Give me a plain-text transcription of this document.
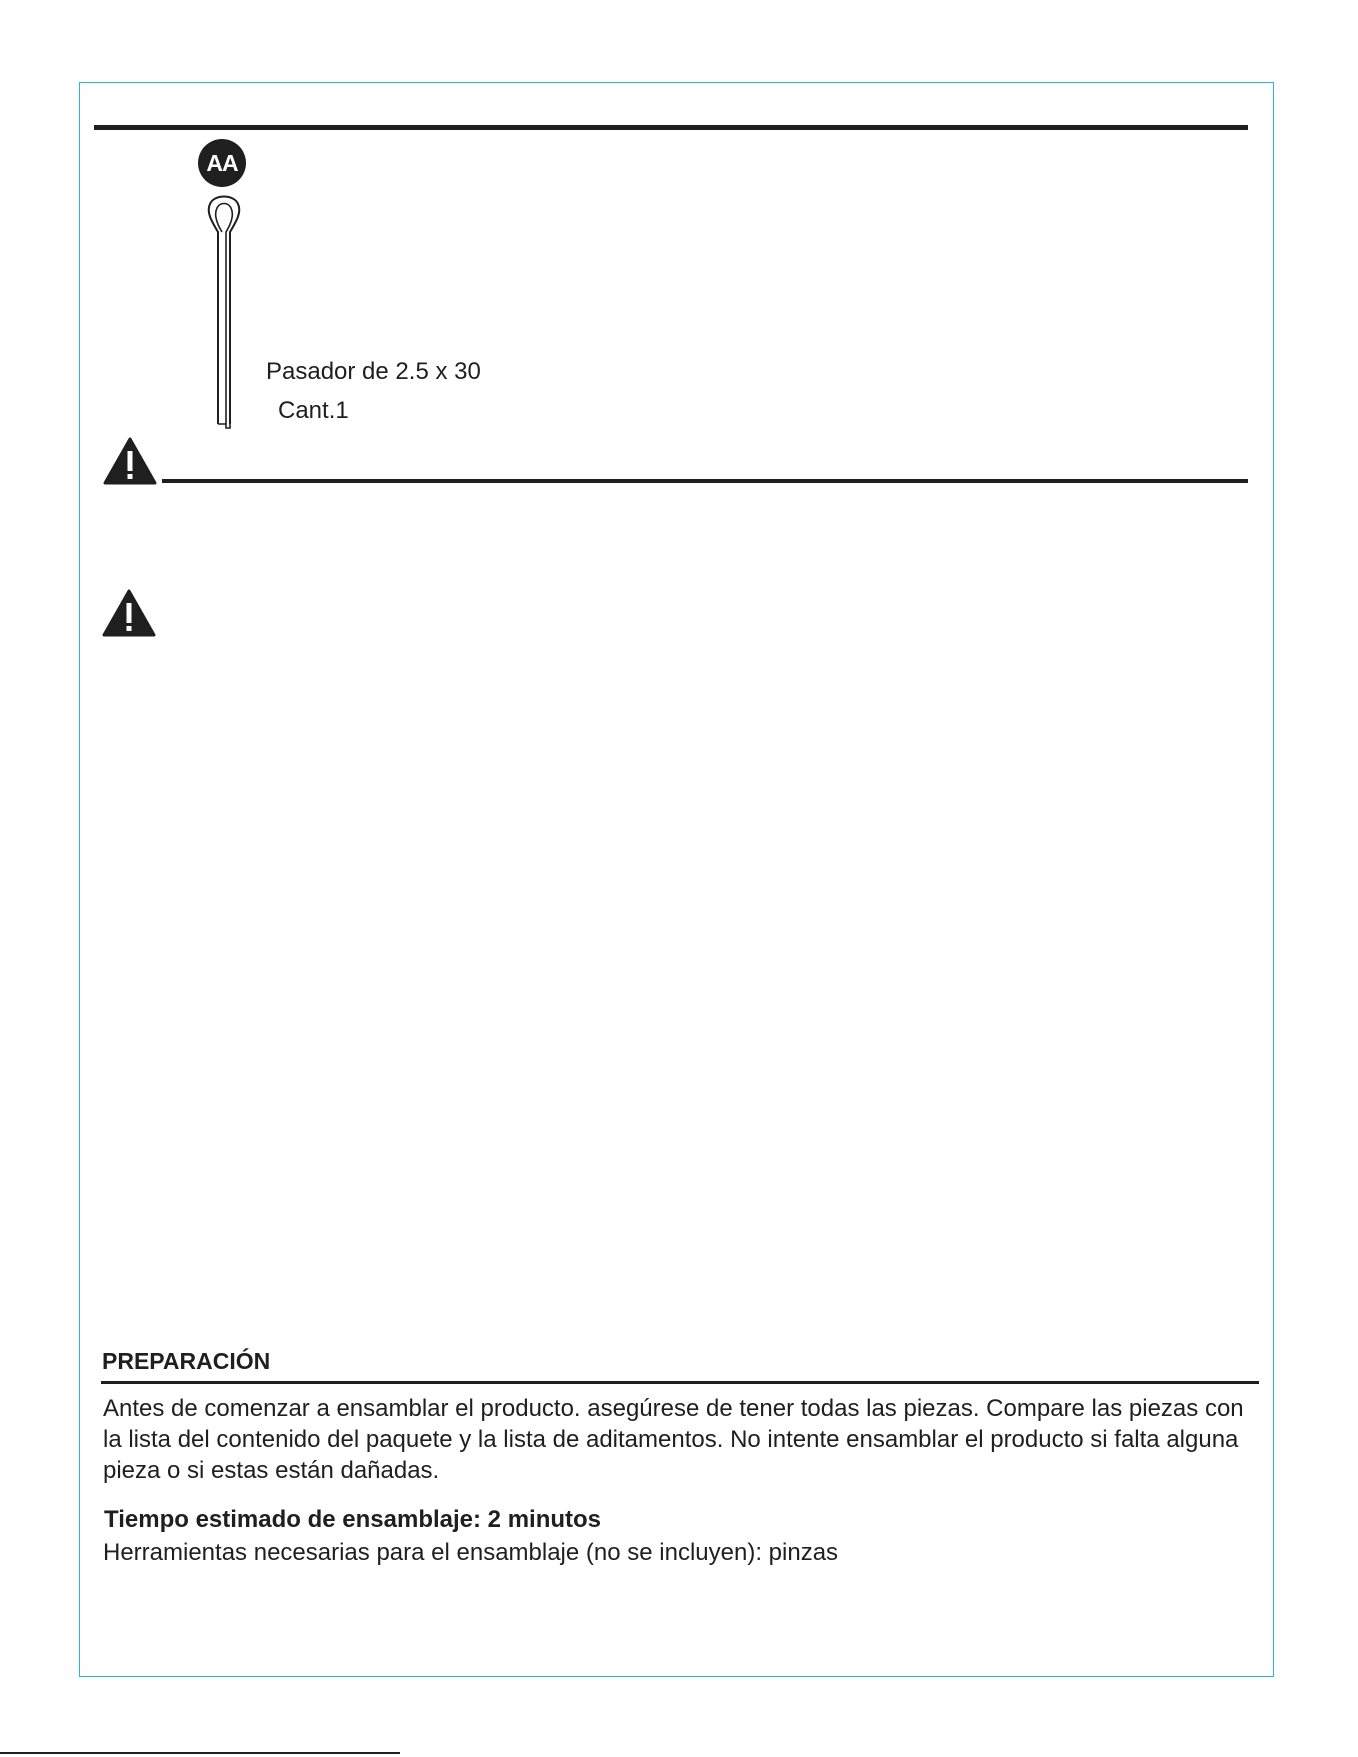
AA
Pasador de 2.5 x 30
Cant.1
PREPARACIÓN
Antes de comenzar a ensamblar el producto. asegúrese de tener todas las piezas. Compare las piezas con la lista del contenido del paquete y la lista de aditamentos. No intente ensamblar el producto si falta alguna pieza o si estas están dañadas.
Tiempo estimado de ensamblaje: 2 minutos
Herramientas necesarias para el ensamblaje (no se incluyen): pinzas
